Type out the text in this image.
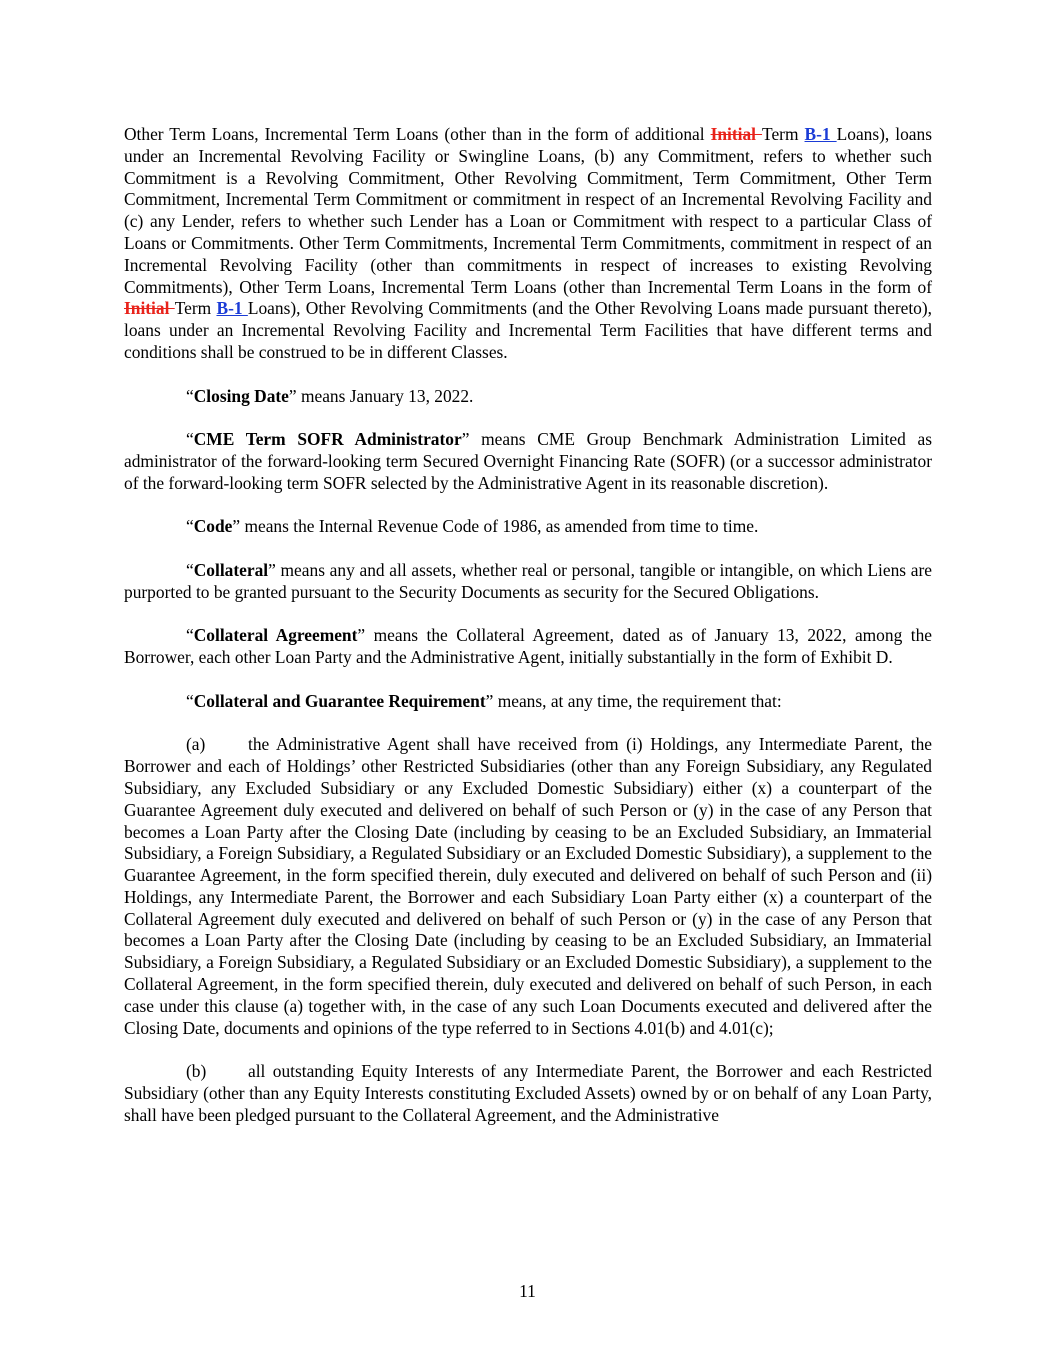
Other Term Loans, Incremental Term Loans (other than in the form of additional Initial Term B-1 Loans), loans under an Incremental Revolving Facility or Swingline Loans, (b) any Commitment, refers to whether such Commitment is a Revolving Commitment, Other Revolving Commitment, Term Commitment, Other Term Commitment, Incremental Term Commitment or commitment in respect of an Incremental Revolving Facility and (c) any Lender, refers to whether such Lender has a Loan or Commitment with respect to a particular Class of Loans or Commitments. Other Term Commitments, Incremental Term Commitments, commitment in respect of an Incremental Revolving Facility (other than commitments in respect of increases to existing Revolving Commitments), Other Term Loans, Incremental Term Loans (other than Incremental Term Loans in the form of Initial Term B-1 Loans), Other Revolving Commitments (and the Other Revolving Loans made pursuant thereto), loans under an Incremental Revolving Facility and Incremental Term Facilities that have different terms and conditions shall be construed to be in different Classes.

“Closing Date” means January 13, 2022.

“CME Term SOFR Administrator” means CME Group Benchmark Administration Limited as administrator of the forward-looking term Secured Overnight Financing Rate (SOFR) (or a successor administrator of the forward-looking term SOFR selected by the Administrative Agent in its reasonable discretion).

“Code” means the Internal Revenue Code of 1986, as amended from time to time.

“Collateral” means any and all assets, whether real or personal, tangible or intangible, on which Liens are purported to be granted pursuant to the Security Documents as security for the Secured Obligations.

“Collateral Agreement” means the Collateral Agreement, dated as of January 13, 2022, among the Borrower, each other Loan Party and the Administrative Agent, initially substantially in the form of Exhibit D.

“Collateral and Guarantee Requirement” means, at any time, the requirement that:

(a) the Administrative Agent shall have received from (i) Holdings, any Intermediate Parent, the Borrower and each of Holdings’ other Restricted Subsidiaries (other than any Foreign Subsidiary, any Regulated Subsidiary, any Excluded Subsidiary or any Excluded Domestic Subsidiary) either (x) a counterpart of the Guarantee Agreement duly executed and delivered on behalf of such Person or (y) in the case of any Person that becomes a Loan Party after the Closing Date (including by ceasing to be an Excluded Subsidiary, an Immaterial Subsidiary, a Foreign Subsidiary, a Regulated Subsidiary or an Excluded Domestic Subsidiary), a supplement to the Guarantee Agreement, in the form specified therein, duly executed and delivered on behalf of such Person and (ii) Holdings, any Intermediate Parent, the Borrower and each Subsidiary Loan Party either (x) a counterpart of the Collateral Agreement duly executed and delivered on behalf of such Person or (y) in the case of any Person that becomes a Loan Party after the Closing Date (including by ceasing to be an Excluded Subsidiary, an Immaterial Subsidiary, a Foreign Subsidiary, a Regulated Subsidiary or an Excluded Domestic Subsidiary), a supplement to the Collateral Agreement, in the form specified therein, duly executed and delivered on behalf of such Person, in each case under this clause (a) together with, in the case of any such Loan Documents executed and delivered after the Closing Date, documents and opinions of the type referred to in Sections 4.01(b) and 4.01(c);

(b) all outstanding Equity Interests of any Intermediate Parent, the Borrower and each Restricted Subsidiary (other than any Equity Interests constituting Excluded Assets) owned by or on behalf of any Loan Party, shall have been pledged pursuant to the Collateral Agreement, and the Administrative

11
